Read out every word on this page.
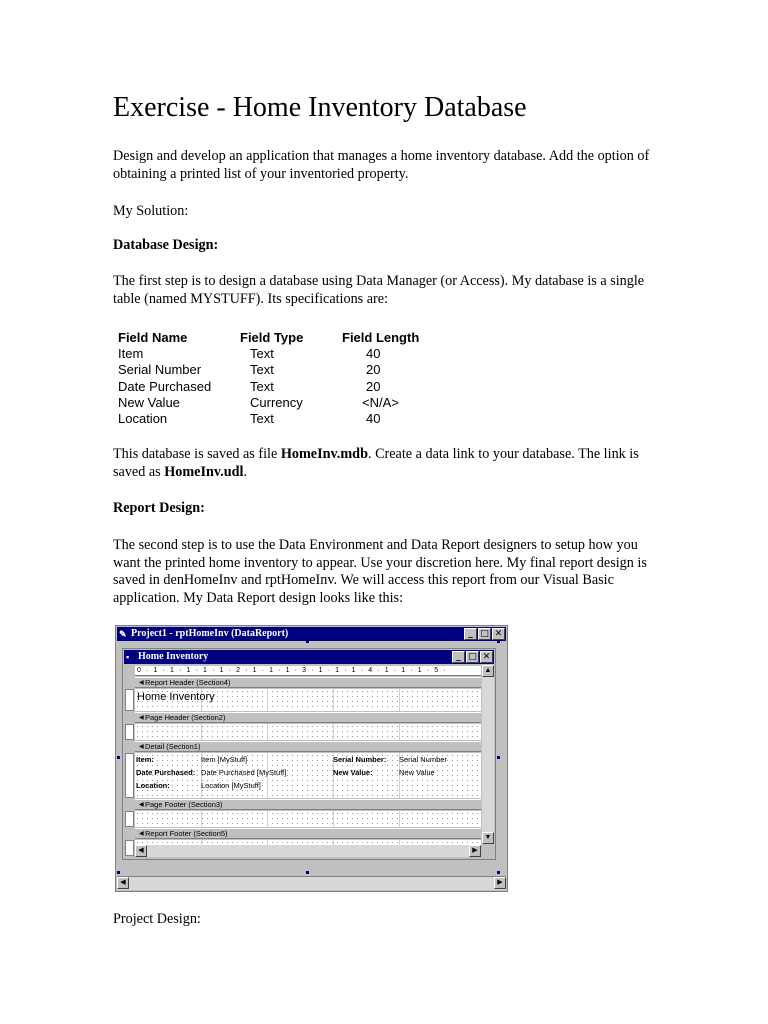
Exercise - Home Inventory Database

Design and develop an application that manages a home inventory database. Add the option of obtaining a printed list of your inventoried property.

My Solution:

Database Design:

The first step is to design a database using Data Manager (or Access). My database is a single table (named MYSTUFF). Its specifications are:

Field Name	Field Type	Field Length
Item	Text	40
Serial Number	Text	20
Date Purchased	Text	20
New Value	Currency	<N/A>
Location	Text	40

This database is saved as file HomeInv.mdb. Create a data link to your database. The link is saved as HomeInv.udl.

Report Design:

The second step is to use the Data Environment and Data Report designers to setup how you want the printed home inventory to appear. Use your discretion here. My final report design is saved in denHomeInv and rptHomeInv. We will access this report from our Visual Basic application. My Data Report design looks like this:

✎ Project1 - rptHomeInv (DataReport)	_ □ ✕
▪ Home Inventory	_ □ ✕
0 · 1 · 1 · 1 · 1 · 1 · 2 · 1 · 1 · 1 · 3 · 1 · 1 · 1 · 4 · 1 · 1 · 1 · 5 ·
◀ Report Header (Section4)
Home Inventory
◀ Page Header (Section2)
◀ Detail (Section1)
Item:	Item [MyStuff]	Serial Number: Serial Number
Date Purchased: Date Purchased [MyStuff]	New Value:	New Value
Location:	Location [MyStuff]
◀ Page Footer (Section3)
◀ Report Footer (Section5)
▲
▼
◀	▶
◀	▶

Project Design:
